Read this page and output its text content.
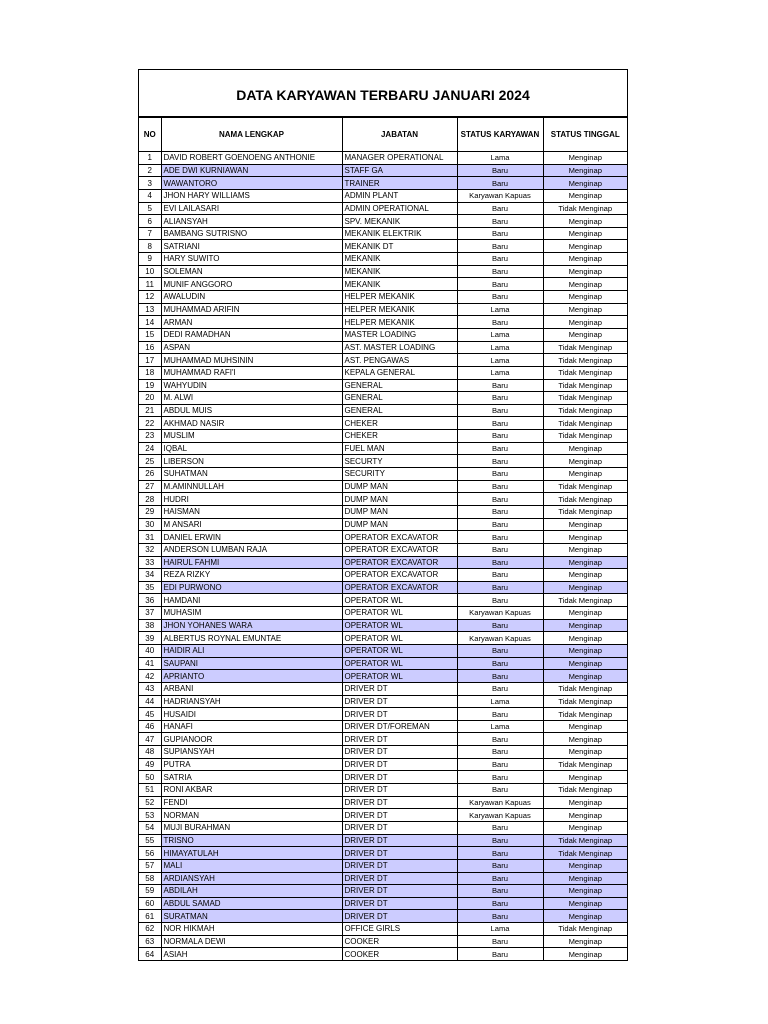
DATA KARYAWAN TERBARU JANUARI 2024
NO	NAMA LENGKAP	JABATAN	STATUS KARYAWAN	STATUS TINGGAL
1	DAVID ROBERT GOENOENG ANTHONIE	MANAGER OPERATIONAL	Lama	Menginap
2	ADE DWI KURNIAWAN	STAFF GA	Baru	Menginap
3	WAWANTORO	TRAINER	Baru	Menginap
4	JHON HARY WILLIAMS	ADMIN PLANT	Karyawan Kapuas	Menginap
5	EVI LAILASARI	ADMIN OPERATIONAL	Baru	Tidak Menginap
6	ALIANSYAH	SPV. MEKANIK	Baru	Menginap
7	BAMBANG SUTRISNO	MEKANIK ELEKTRIK	Baru	Menginap
8	SATRIANI	MEKANIK DT	Baru	Menginap
9	HARY SUWITO	MEKANIK	Baru	Menginap
10	SOLEMAN	MEKANIK	Baru	Menginap
11	MUNIF ANGGORO	MEKANIK	Baru	Menginap
12	AWALUDIN	HELPER MEKANIK	Baru	Menginap
13	MUHAMMAD ARIFIN	HELPER MEKANIK	Lama	Menginap
14	ARMAN	HELPER MEKANIK	Baru	Menginap
15	DEDI RAMADHAN	MASTER LOADING	Lama	Menginap
16	ASPAN	AST. MASTER LOADING	Lama	Tidak Menginap
17	MUHAMMAD MUHSININ	AST. PENGAWAS	Lama	Tidak Menginap
18	MUHAMMAD RAFI'I	KEPALA GENERAL	Lama	Tidak Menginap
19	WAHYUDIN	GENERAL	Baru	Tidak Menginap
20	M. ALWI	GENERAL	Baru	Tidak Menginap
21	ABDUL MUIS	GENERAL	Baru	Tidak Menginap
22	AKHMAD NASIR	CHEKER	Baru	Tidak Menginap
23	MUSLIM	CHEKER	Baru	Tidak Menginap
24	IQBAL	FUEL MAN	Baru	Menginap
25	LIBERSON	SECURTY	Baru	Menginap
26	SUHATMAN	SECURITY	Baru	Menginap
27	M.AMINNULLAH	DUMP MAN	Baru	Tidak Menginap
28	HUDRI	DUMP MAN	Baru	Tidak Menginap
29	HAISMAN	DUMP MAN	Baru	Tidak Menginap
30	M ANSARI	DUMP MAN	Baru	Menginap
31	DANIEL ERWIN	OPERATOR EXCAVATOR	Baru	Menginap
32	ANDERSON LUMBAN RAJA	OPERATOR EXCAVATOR	Baru	Menginap
33	HAIRUL FAHMI	OPERATOR EXCAVATOR	Baru	Menginap
34	REZA RIZKY	OPERATOR EXCAVATOR	Baru	Menginap
35	EDI PURWONO	OPERATOR EXCAVATOR	Baru	Menginap
36	HAMDANI	OPERATOR WL	Baru	Tidak Menginap
37	MUHASIM	OPERATOR WL	Karyawan Kapuas	Menginap
38	JHON YOHANES WARA	OPERATOR WL	Baru	Menginap
39	ALBERTUS ROYNAL EMUNTAE	OPERATOR WL	Karyawan Kapuas	Menginap
40	HAIDIR ALI	OPERATOR WL	Baru	Menginap
41	SAUPANI	OPERATOR WL	Baru	Menginap
42	APRIANTO	OPERATOR WL	Baru	Menginap
43	ARBANI	DRIVER DT	Baru	Tidak Menginap
44	HADRIANSYAH	DRIVER DT	Lama	Tidak Menginap
45	HUSAIDI	DRIVER DT	Baru	Tidak Menginap
46	HANAFI	DRIVER DT/FOREMAN	Lama	Menginap
47	GUPIANOOR	DRIVER DT	Baru	Menginap
48	SUPIANSYAH	DRIVER DT	Baru	Menginap
49	PUTRA	DRIVER DT	Baru	Tidak Menginap
50	SATRIA	DRIVER DT	Baru	Menginap
51	RONI AKBAR	DRIVER DT	Baru	Tidak Menginap
52	FENDI	DRIVER DT	Karyawan Kapuas	Menginap
53	NORMAN	DRIVER DT	Karyawan Kapuas	Menginap
54	MUJI BURAHMAN	DRIVER DT	Baru	Menginap
55	TRISNO	DRIVER DT	Baru	Tidak Menginap
56	HIMAYATULAH	DRIVER DT	Baru	Tidak Menginap
57	MALI	DRIVER DT	Baru	Menginap
58	ARDIANSYAH	DRIVER DT	Baru	Menginap
59	ABDILAH	DRIVER DT	Baru	Menginap
60	ABDUL SAMAD	DRIVER DT	Baru	Menginap
61	SURATMAN	DRIVER DT	Baru	Menginap
62	NOR HIKMAH	OFFICE GIRLS	Lama	Tidak Menginap
63	NORMALA DEWI	COOKER	Baru	Menginap
64	ASIAH	COOKER	Baru	Menginap
